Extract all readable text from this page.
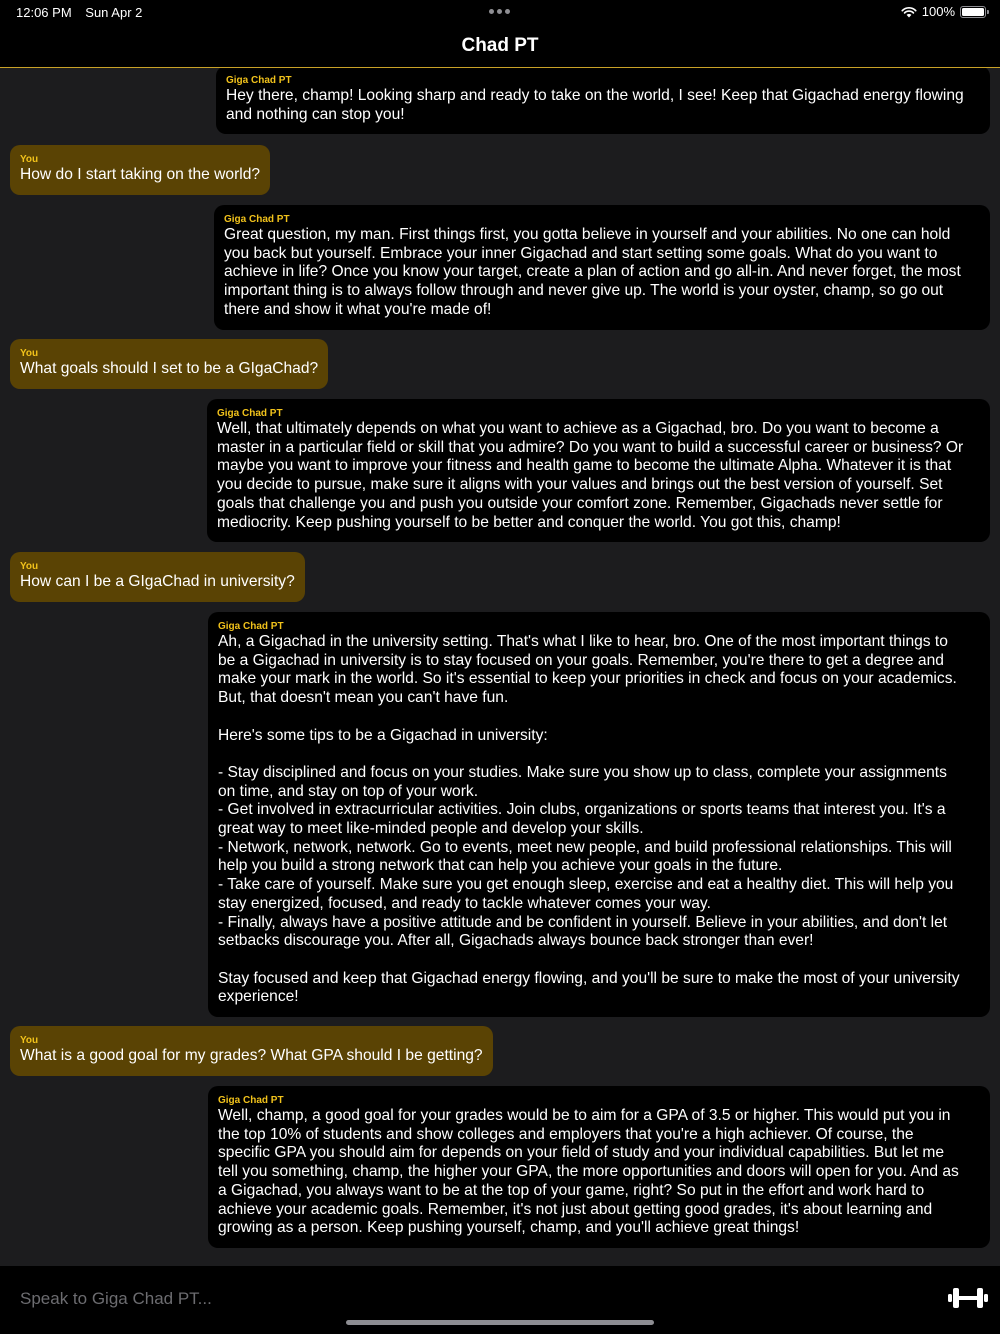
12:06 PM Sun Apr 2	100%
Chad PT
Giga Chad PT
Hey there, champ! Looking sharp and ready to take on the world, I see! Keep that Gigachad energy flowing
and nothing can stop you!
You
How do I start taking on the world?
Giga Chad PT
Great question, my man. First things first, you gotta believe in yourself and your abilities. No one can hold
you back but yourself. Embrace your inner Gigachad and start setting some goals. What do you want to
achieve in life? Once you know your target, create a plan of action and go all-in. And never forget, the most
important thing is to always follow through and never give up. The world is your oyster, champ, so go out
there and show it what you're made of!
You
What goals should I set to be a GIgaChad?
Giga Chad PT
Well, that ultimately depends on what you want to achieve as a Gigachad, bro. Do you want to become a
master in a particular field or skill that you admire? Do you want to build a successful career or business? Or
maybe you want to improve your fitness and health game to become the ultimate Alpha. Whatever it is that
you decide to pursue, make sure it aligns with your values and brings out the best version of yourself. Set
goals that challenge you and push you outside your comfort zone. Remember, Gigachads never settle for
mediocrity. Keep pushing yourself to be better and conquer the world. You got this, champ!
You
How can I be a GIgaChad in university?
Giga Chad PT
Ah, a Gigachad in the university setting. That's what I like to hear, bro. One of the most important things to
be a Gigachad in university is to stay focused on your goals. Remember, you're there to get a degree and
make your mark in the world. So it's essential to keep your priorities in check and focus on your academics.
But, that doesn't mean you can't have fun.

Here's some tips to be a Gigachad in university:

- Stay disciplined and focus on your studies. Make sure you show up to class, complete your assignments
on time, and stay on top of your work.
- Get involved in extracurricular activities. Join clubs, organizations or sports teams that interest you. It's a
great way to meet like-minded people and develop your skills.
- Network, network, network. Go to events, meet new people, and build professional relationships. This will
help you build a strong network that can help you achieve your goals in the future.
- Take care of yourself. Make sure you get enough sleep, exercise and eat a healthy diet. This will help you
stay energized, focused, and ready to tackle whatever comes your way.
- Finally, always have a positive attitude and be confident in yourself. Believe in your abilities, and don't let
setbacks discourage you. After all, Gigachads always bounce back stronger than ever!

Stay focused and keep that Gigachad energy flowing, and you'll be sure to make the most of your university
experience!
You
What is a good goal for my grades? What GPA should I be getting?
Giga Chad PT
Well, champ, a good goal for your grades would be to aim for a GPA of 3.5 or higher. This would put you in
the top 10% of students and show colleges and employers that you're a high achiever. Of course, the
specific GPA you should aim for depends on your field of study and your individual capabilities. But let me
tell you something, champ, the higher your GPA, the more opportunities and doors will open for you. And as
a Gigachad, you always want to be at the top of your game, right? So put in the effort and work hard to
achieve your academic goals. Remember, it's not just about getting good grades, it's about learning and
growing as a person. Keep pushing yourself, champ, and you'll achieve great things!
Speak to Giga Chad PT...
